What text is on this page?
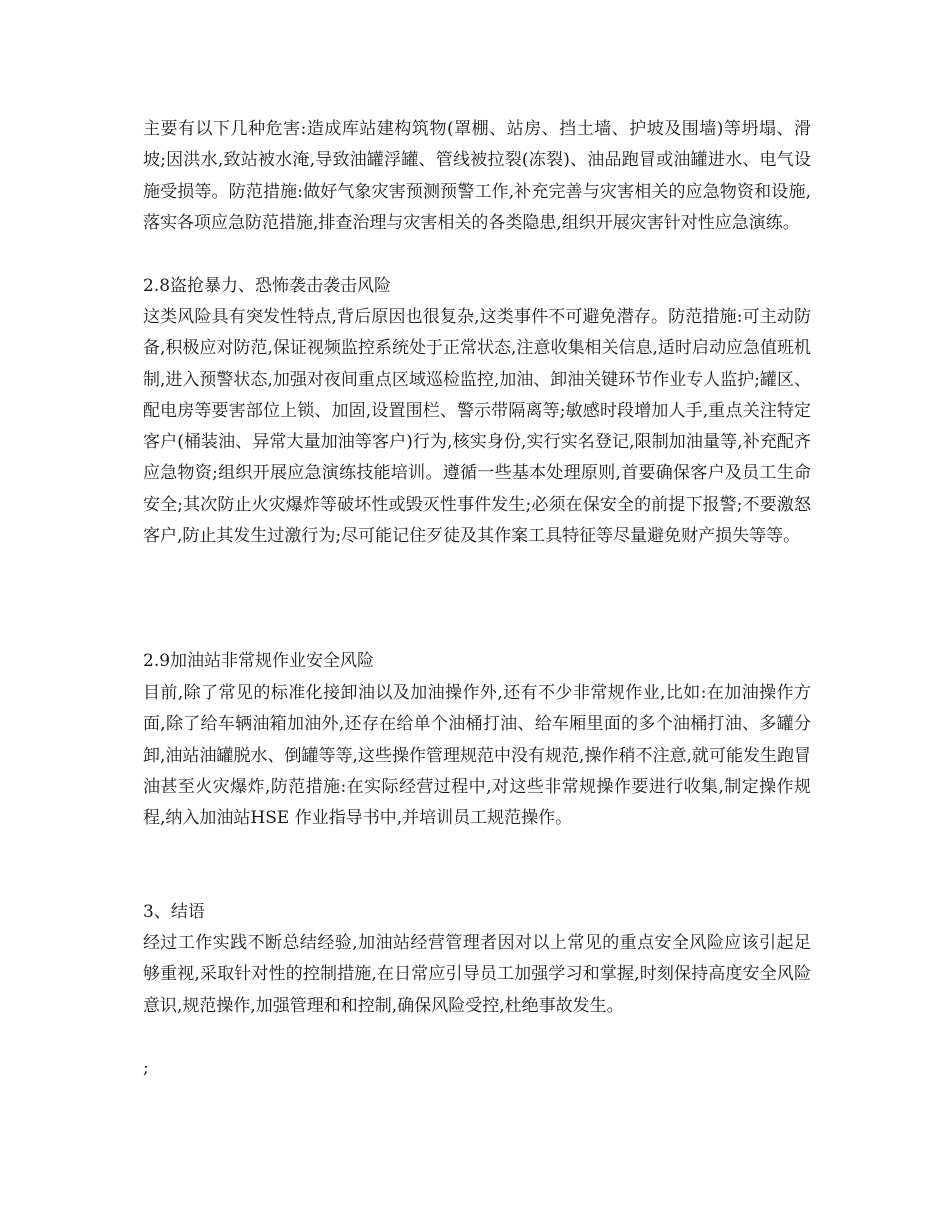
主要有以下几种危害:造成库站建构筑物(罩棚、站房、挡土墙、护坡及围墙)等坍塌、滑坡;因洪水,致站被水淹,导致油罐浮罐、管线被拉裂(冻裂)、油品跑冒或油罐进水、电气设施受损等。防范措施:做好气象灾害预测预警工作,补充完善与灾害相关的应急物资和设施,落实各项应急防范措施,排查治理与灾害相关的各类隐患,组织开展灾害针对性应急演练。
2.8盗抢暴力、恐怖袭击袭击风险
这类风险具有突发性特点,背后原因也很复杂,这类事件不可避免潜存。防范措施:可主动防备,积极应对防范,保证视频监控系统处于正常状态,注意收集相关信息,适时启动应急值班机制,进入预警状态,加强对夜间重点区域巡检监控,加油、卸油关键环节作业专人监护;罐区、配电房等要害部位上锁、加固,设置围栏、警示带隔离等;敏感时段增加人手,重点关注特定客户(桶装油、异常大量加油等客户)行为,核实身份,实行实名登记,限制加油量等,补充配齐应急物资;组织开展应急演练技能培训。遵循一些基本处理原则,首要确保客户及员工生命安全;其次防止火灾爆炸等破坏性或毁灭性事件发生;必须在保安全的前提下报警;不要激怒客户,防止其发生过激行为;尽可能记住歹徒及其作案工具特征等尽量避免财产损失等等。
2.9加油站非常规作业安全风险
目前,除了常见的标准化接卸油以及加油操作外,还有不少非常规作业,比如:在加油操作方面,除了给车辆油箱加油外,还存在给单个油桶打油、给车厢里面的多个油桶打油、多罐分卸,油站油罐脱水、倒罐等等,这些操作管理规范中没有规范,操作稍不注意,就可能发生跑冒油甚至火灾爆炸,防范措施:在实际经营过程中,对这些非常规操作要进行收集,制定操作规程,纳入加油站HSE 作业指导书中,并培训员工规范操作。
3、结语
经过工作实践不断总结经验,加油站经营管理者因对以上常见的重点安全风险应该引起足够重视,采取针对性的控制措施,在日常应引导员工加强学习和掌握,时刻保持高度安全风险意识,规范操作,加强管理和和控制,确保风险受控,杜绝事故发生。
;
